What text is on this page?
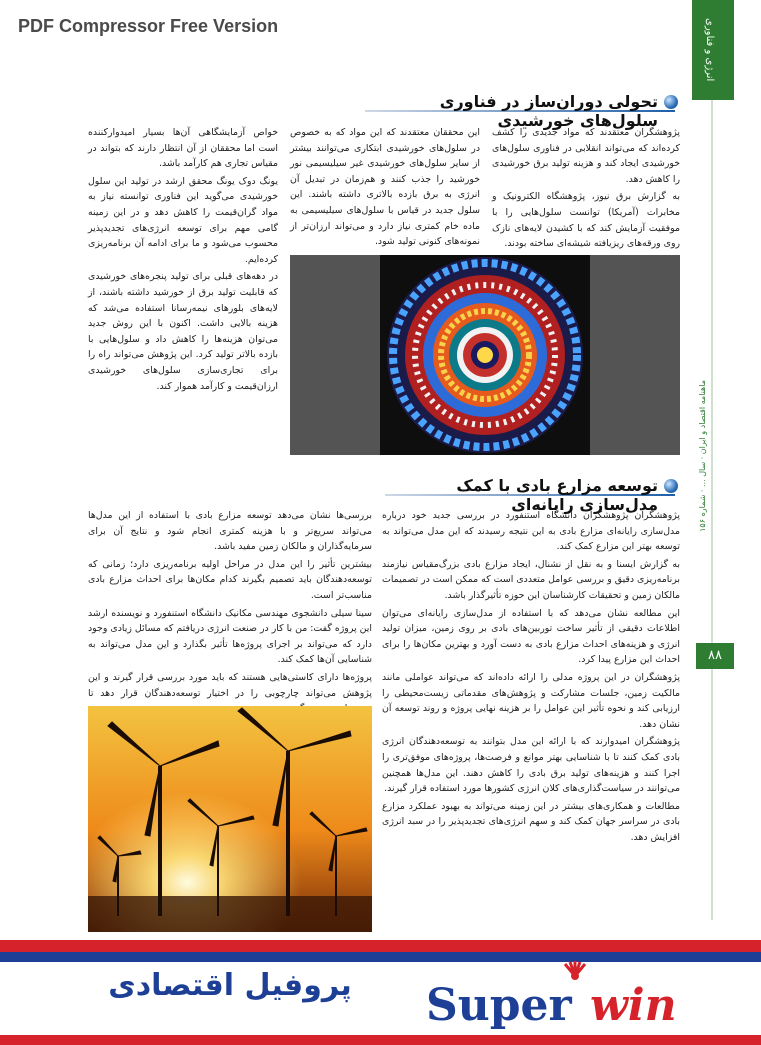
PDF Compressor Free Version	انرژی و فناوری
ماهنامه اقتصاد و ایران · سال ... · شماره ۱۵۶
۸۸
تحولی دوران‌ساز در فناوری سلول‌های خورشیدی

پژوهشگران معتقدند که مواد جدیدی را کشف کرده‌اند که می‌تواند انقلابی در فناوری سلول‌های خورشیدی ایجاد کند و هزینه تولید برق خورشیدی را کاهش دهد.

به گزارش برق نیوز، پژوهشگاه الکترونیک و مخابرات (آمریکا) توانست سلول‌هایی را با موفقیت آزمایش کند که با کشیدن لایه‌های نازک روی ورقه‌های ریزیافته شیشه‌ای ساخته بودند.

این محققان معتقدند که این مواد که به خصوص در سلول‌های خورشیدی ابتکاری می‌توانند بیشتر از سایر سلول‌های خورشیدی غیر سیلیسیمی نور خورشید را جذب کنند و هم‌زمان در تبدیل آن انرژی به برق بازده بالاتری داشته باشند. این سلول جدید در قیاس با سلول‌های سیلیسیمی به ماده خام کمتری نیاز دارد و می‌تواند ارزان‌تر از نمونه‌های کنونی تولید شود.

خواص آزمایشگاهی آن‌ها بسیار امیدوارکننده است اما محققان از آن انتظار دارند که بتواند در مقیاس تجاری هم کارآمد باشد.

یونگ دوک یونگ محقق ارشد در تولید این سلول خورشیدی می‌گوید این فناوری توانسته نیاز به مواد گران‌قیمت را کاهش دهد و در این زمینه گامی مهم برای توسعه انرژی‌های تجدیدپذیر محسوب می‌شود و ما برای ادامه آن برنامه‌ریزی کرده‌ایم.

در دهه‌های قبلی برای تولید پنجره‌های خورشیدی که قابلیت تولید برق از خورشید داشته باشند، از لایه‌های بلورهای نیمه‌رسانا استفاده می‌شد که هزینه بالایی داشت. اکنون با این روش جدید می‌توان هزینه‌ها را کاهش داد و سلول‌هایی با بازده بالاتر تولید کرد. این پژوهش می‌تواند راه را برای تجاری‌سازی سلول‌های خورشیدی ارزان‌قیمت و کارآمد هموار کند.

توسعه مزارع بادی با کمک مدل‌سازی رایانه‌ای

پژوهشگران پژوهشگران دانشگاه استنفورد در بررسی جدید خود درباره مدل‌سازی رایانه‌ای مزارع بادی به این نتیجه رسیدند که این مدل می‌تواند به توسعه بهتر این مزارع کمک کند.

به گزارش ایسنا و به نقل از نشنال، ایجاد مزارع بادی بزرگ‌مقیاس نیازمند برنامه‌ریزی دقیق و بررسی عوامل متعددی است که ممکن است در تصمیمات مالکان زمین و تحقیقات کارشناسان این حوزه تأثیرگذار باشد.

این مطالعه نشان می‌دهد که با استفاده از مدل‌سازی رایانه‌ای می‌توان اطلاعات دقیقی از تأثیر ساخت توربین‌های بادی بر روی زمین، میزان تولید انرژی و هزینه‌های احداث مزارع بادی به دست آورد و بهترین مکان‌ها را برای احداث این مزارع پیدا کرد.

پژوهشگران در این پروژه مدلی را ارائه داده‌اند که می‌تواند عواملی مانند مالکیت زمین، جلسات مشارکت و پژوهش‌های مقدماتی زیست‌محیطی را ارزیابی کند و نحوه تأثیر این عوامل را بر هزینه نهایی پروژه و روند توسعه آن نشان دهد.

پژوهشگران امیدوارند که با ارائه این مدل بتوانند به توسعه‌دهندگان انرژی بادی کمک کنند تا با شناسایی بهتر موانع و فرصت‌ها، پروژه‌های موفق‌تری را اجرا کنند و هزینه‌های تولید برق بادی را کاهش دهند. این مدل‌ها همچنین می‌توانند در سیاست‌گذاری‌های کلان انرژی کشورها مورد استفاده قرار گیرند.

مطالعات و همکاری‌های بیشتر در این زمینه می‌تواند به بهبود عملکرد مزارع بادی در سراسر جهان کمک کند و سهم انرژی‌های تجدیدپذیر را در سبد انرژی افزایش دهد.

بررسی‌ها نشان می‌دهد توسعه مزارع بادی با استفاده از این مدل‌ها می‌تواند سریع‌تر و با هزینه کمتری انجام شود و نتایج آن برای سرمایه‌گذاران و مالکان زمین مفید باشد.

بیشترین تأثیر را این مدل در مراحل اولیه برنامه‌ریزی دارد؛ زمانی که توسعه‌دهندگان باید تصمیم بگیرند کدام مکان‌ها برای احداث مزارع بادی مناسب‌تر است.

سینا سیلی دانشجوی مهندسی مکانیک دانشگاه استنفورد و نویسنده ارشد این پروژه گفت: من با کار در صنعت انرژی دریافتم که مسائل زیادی وجود دارد که می‌تواند بر اجرای پروژه‌ها تأثیر بگذارد و این مدل می‌تواند به شناسایی آن‌ها کمک کند.

پروژه‌ها دارای کاستی‌هایی هستند که باید مورد بررسی قرار گیرند و این پژوهش می‌تواند چارچوبی را در اختیار توسعه‌دهندگان قرار دهد تا

پروفیل اقتصادی	Super win
